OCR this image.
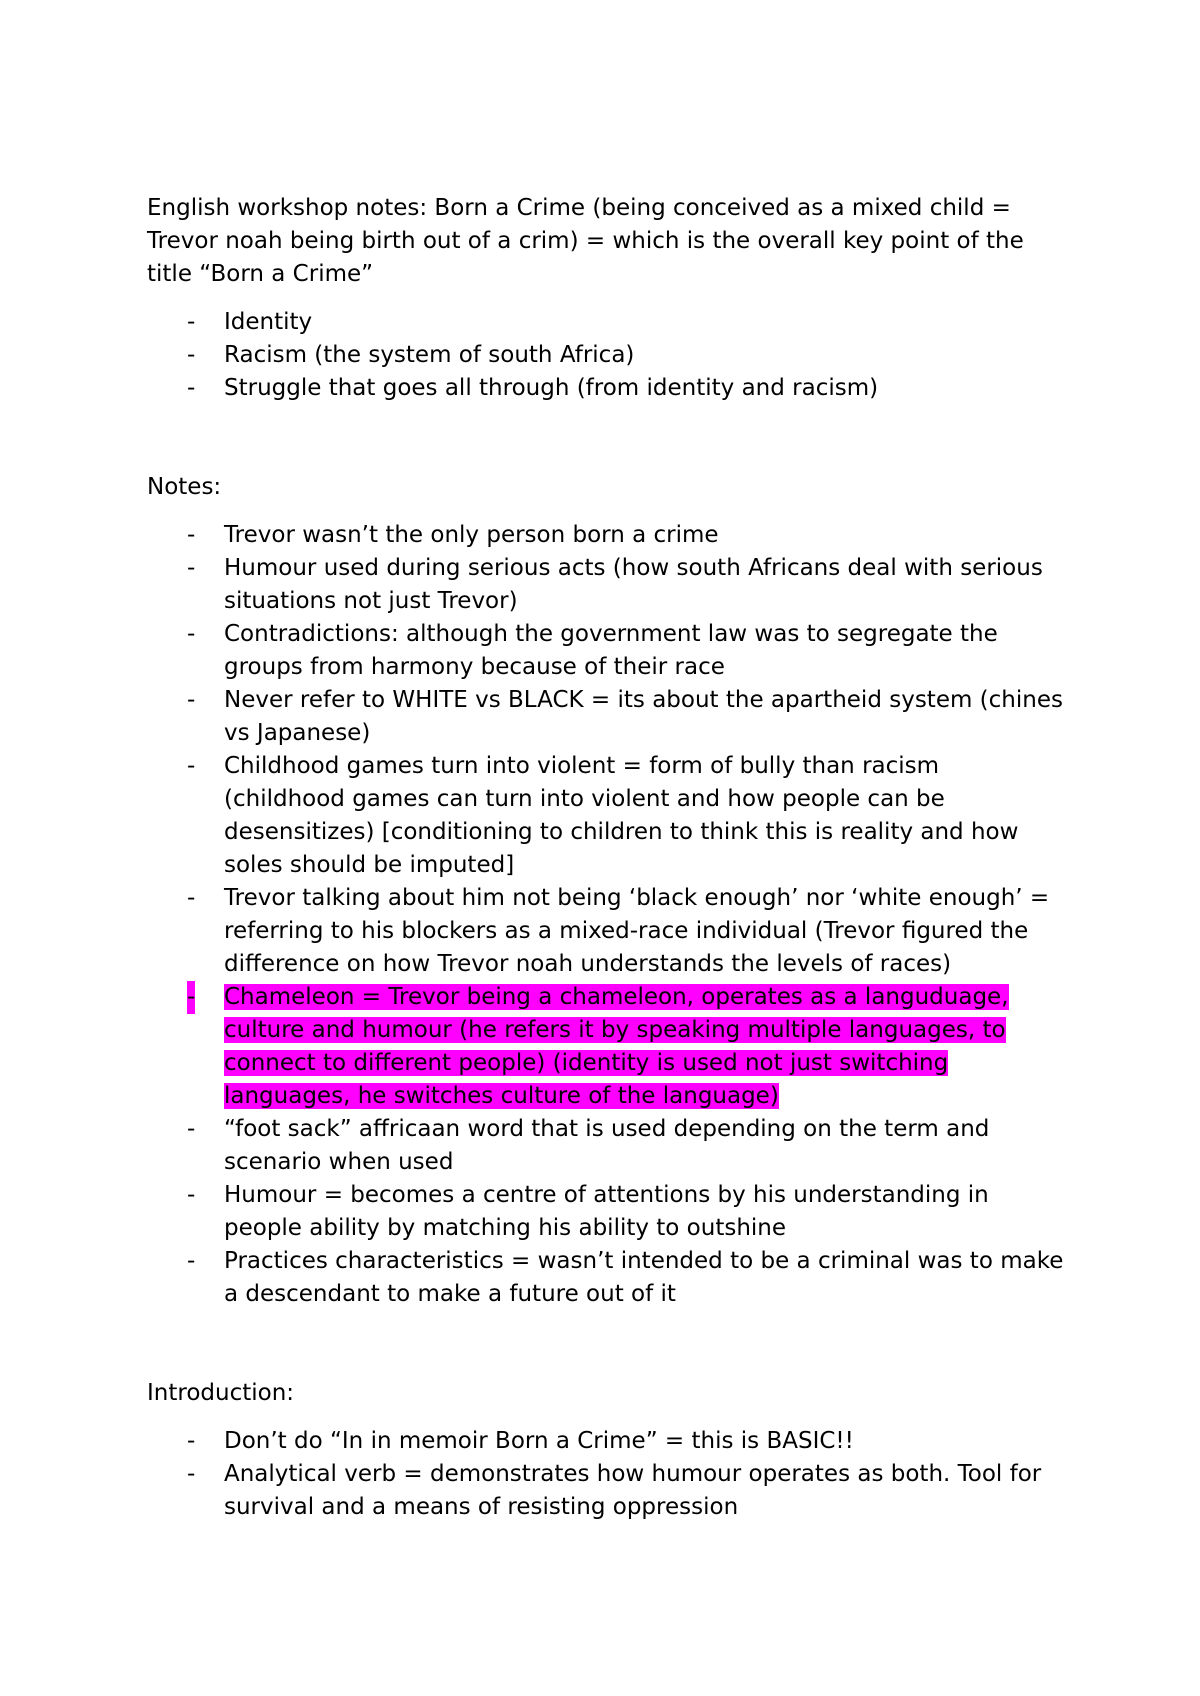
English workshop notes: Born a Crime (being conceived as a mixed child = Trevor noah being birth out of a crim) = which is the overall key point of the title “Born a Crime”

- Identity
- Racism (the system of south Africa)
- Struggle that goes all through (from identity and racism)

Notes:

- Trevor wasn’t the only person born a crime
- Humour used during serious acts (how south Africans deal with serious situations not just Trevor)
- Contradictions: although the government law was to segregate the groups from harmony because of their race
- Never refer to WHITE vs BLACK = its about the apartheid system (chines vs Japanese)
- Childhood games turn into violent = form of bully than racism (childhood games can turn into violent and how people can be desensitizes) [conditioning to children to think this is reality and how soles should be imputed]
- Trevor talking about him not being ‘black enough’ nor ‘white enough’ = referring to his blockers as a mixed-race individual (Trevor figured the difference on how Trevor noah understands the levels of races)
- Chameleon = Trevor being a chameleon, operates as a languduage, culture and humour (he refers it by speaking multiple languages, to connect to different people) (identity is used not just switching languages, he switches culture of the language)
- “foot sack” affricaan word that is used depending on the term and scenario when used
- Humour = becomes a centre of attentions by his understanding in people ability by matching his ability to outshine
- Practices characteristics = wasn’t intended to be a criminal was to make a descendant to make a future out of it

Introduction:

- Don’t do “In in memoir Born a Crime” = this is BASIC!!
- Analytical verb = demonstrates how humour operates as both. Tool for survival and a means of resisting oppression
